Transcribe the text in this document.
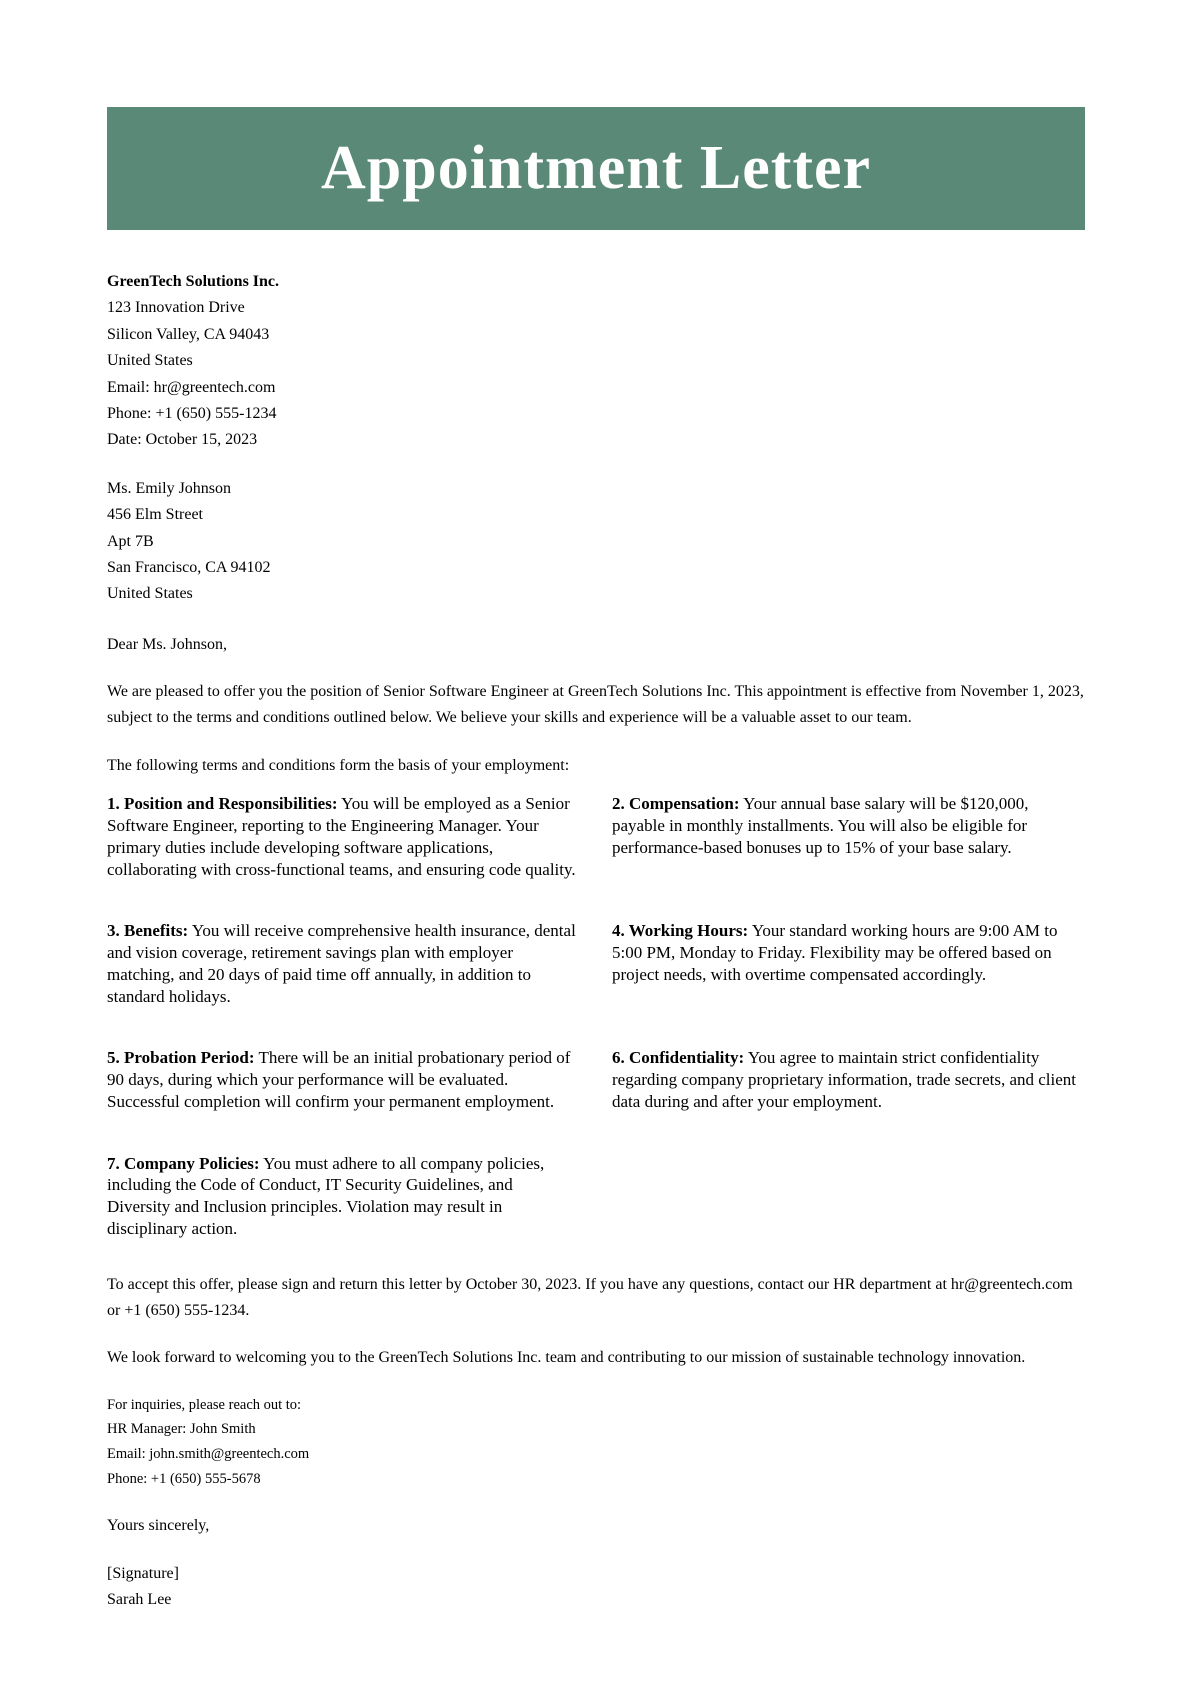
Appointment Letter
GreenTech Solutions Inc.
123 Innovation Drive
Silicon Valley, CA 94043
United States
Email: hr@greentech.com
Phone: +1 (650) 555-1234
Date: October 15, 2023
Ms. Emily Johnson
456 Elm Street
Apt 7B
San Francisco, CA 94102
United States
Dear Ms. Johnson,
We are pleased to offer you the position of Senior Software Engineer at GreenTech Solutions Inc. This appointment is effective from November 1, 2023, subject to the terms and conditions outlined below. We believe your skills and experience will be a valuable asset to our team.
The following terms and conditions form the basis of your employment:
1. Position and Responsibilities: You will be employed as a Senior Software Engineer, reporting to the Engineering Manager. Your primary duties include developing software applications, collaborating with cross-functional teams, and ensuring code quality.
2. Compensation: Your annual base salary will be $120,000, payable in monthly installments. You will also be eligible for performance-based bonuses up to 15% of your base salary.
3. Benefits: You will receive comprehensive health insurance, dental and vision coverage, retirement savings plan with employer matching, and 20 days of paid time off annually, in addition to standard holidays.
4. Working Hours: Your standard working hours are 9:00 AM to 5:00 PM, Monday to Friday. Flexibility may be offered based on project needs, with overtime compensated accordingly.
5. Probation Period: There will be an initial probationary period of 90 days, during which your performance will be evaluated. Successful completion will confirm your permanent employment.
6. Confidentiality: You agree to maintain strict confidentiality regarding company proprietary information, trade secrets, and client data during and after your employment.
7. Company Policies: You must adhere to all company policies, including the Code of Conduct, IT Security Guidelines, and Diversity and Inclusion principles. Violation may result in disciplinary action.
To accept this offer, please sign and return this letter by October 30, 2023. If you have any questions, contact our HR department at hr@greentech.com or +1 (650) 555-1234.
We look forward to welcoming you to the GreenTech Solutions Inc. team and contributing to our mission of sustainable technology innovation.
For inquiries, please reach out to:
HR Manager: John Smith
Email: john.smith@greentech.com
Phone: +1 (650) 555-5678
Yours sincerely,
[Signature]
Sarah Lee
